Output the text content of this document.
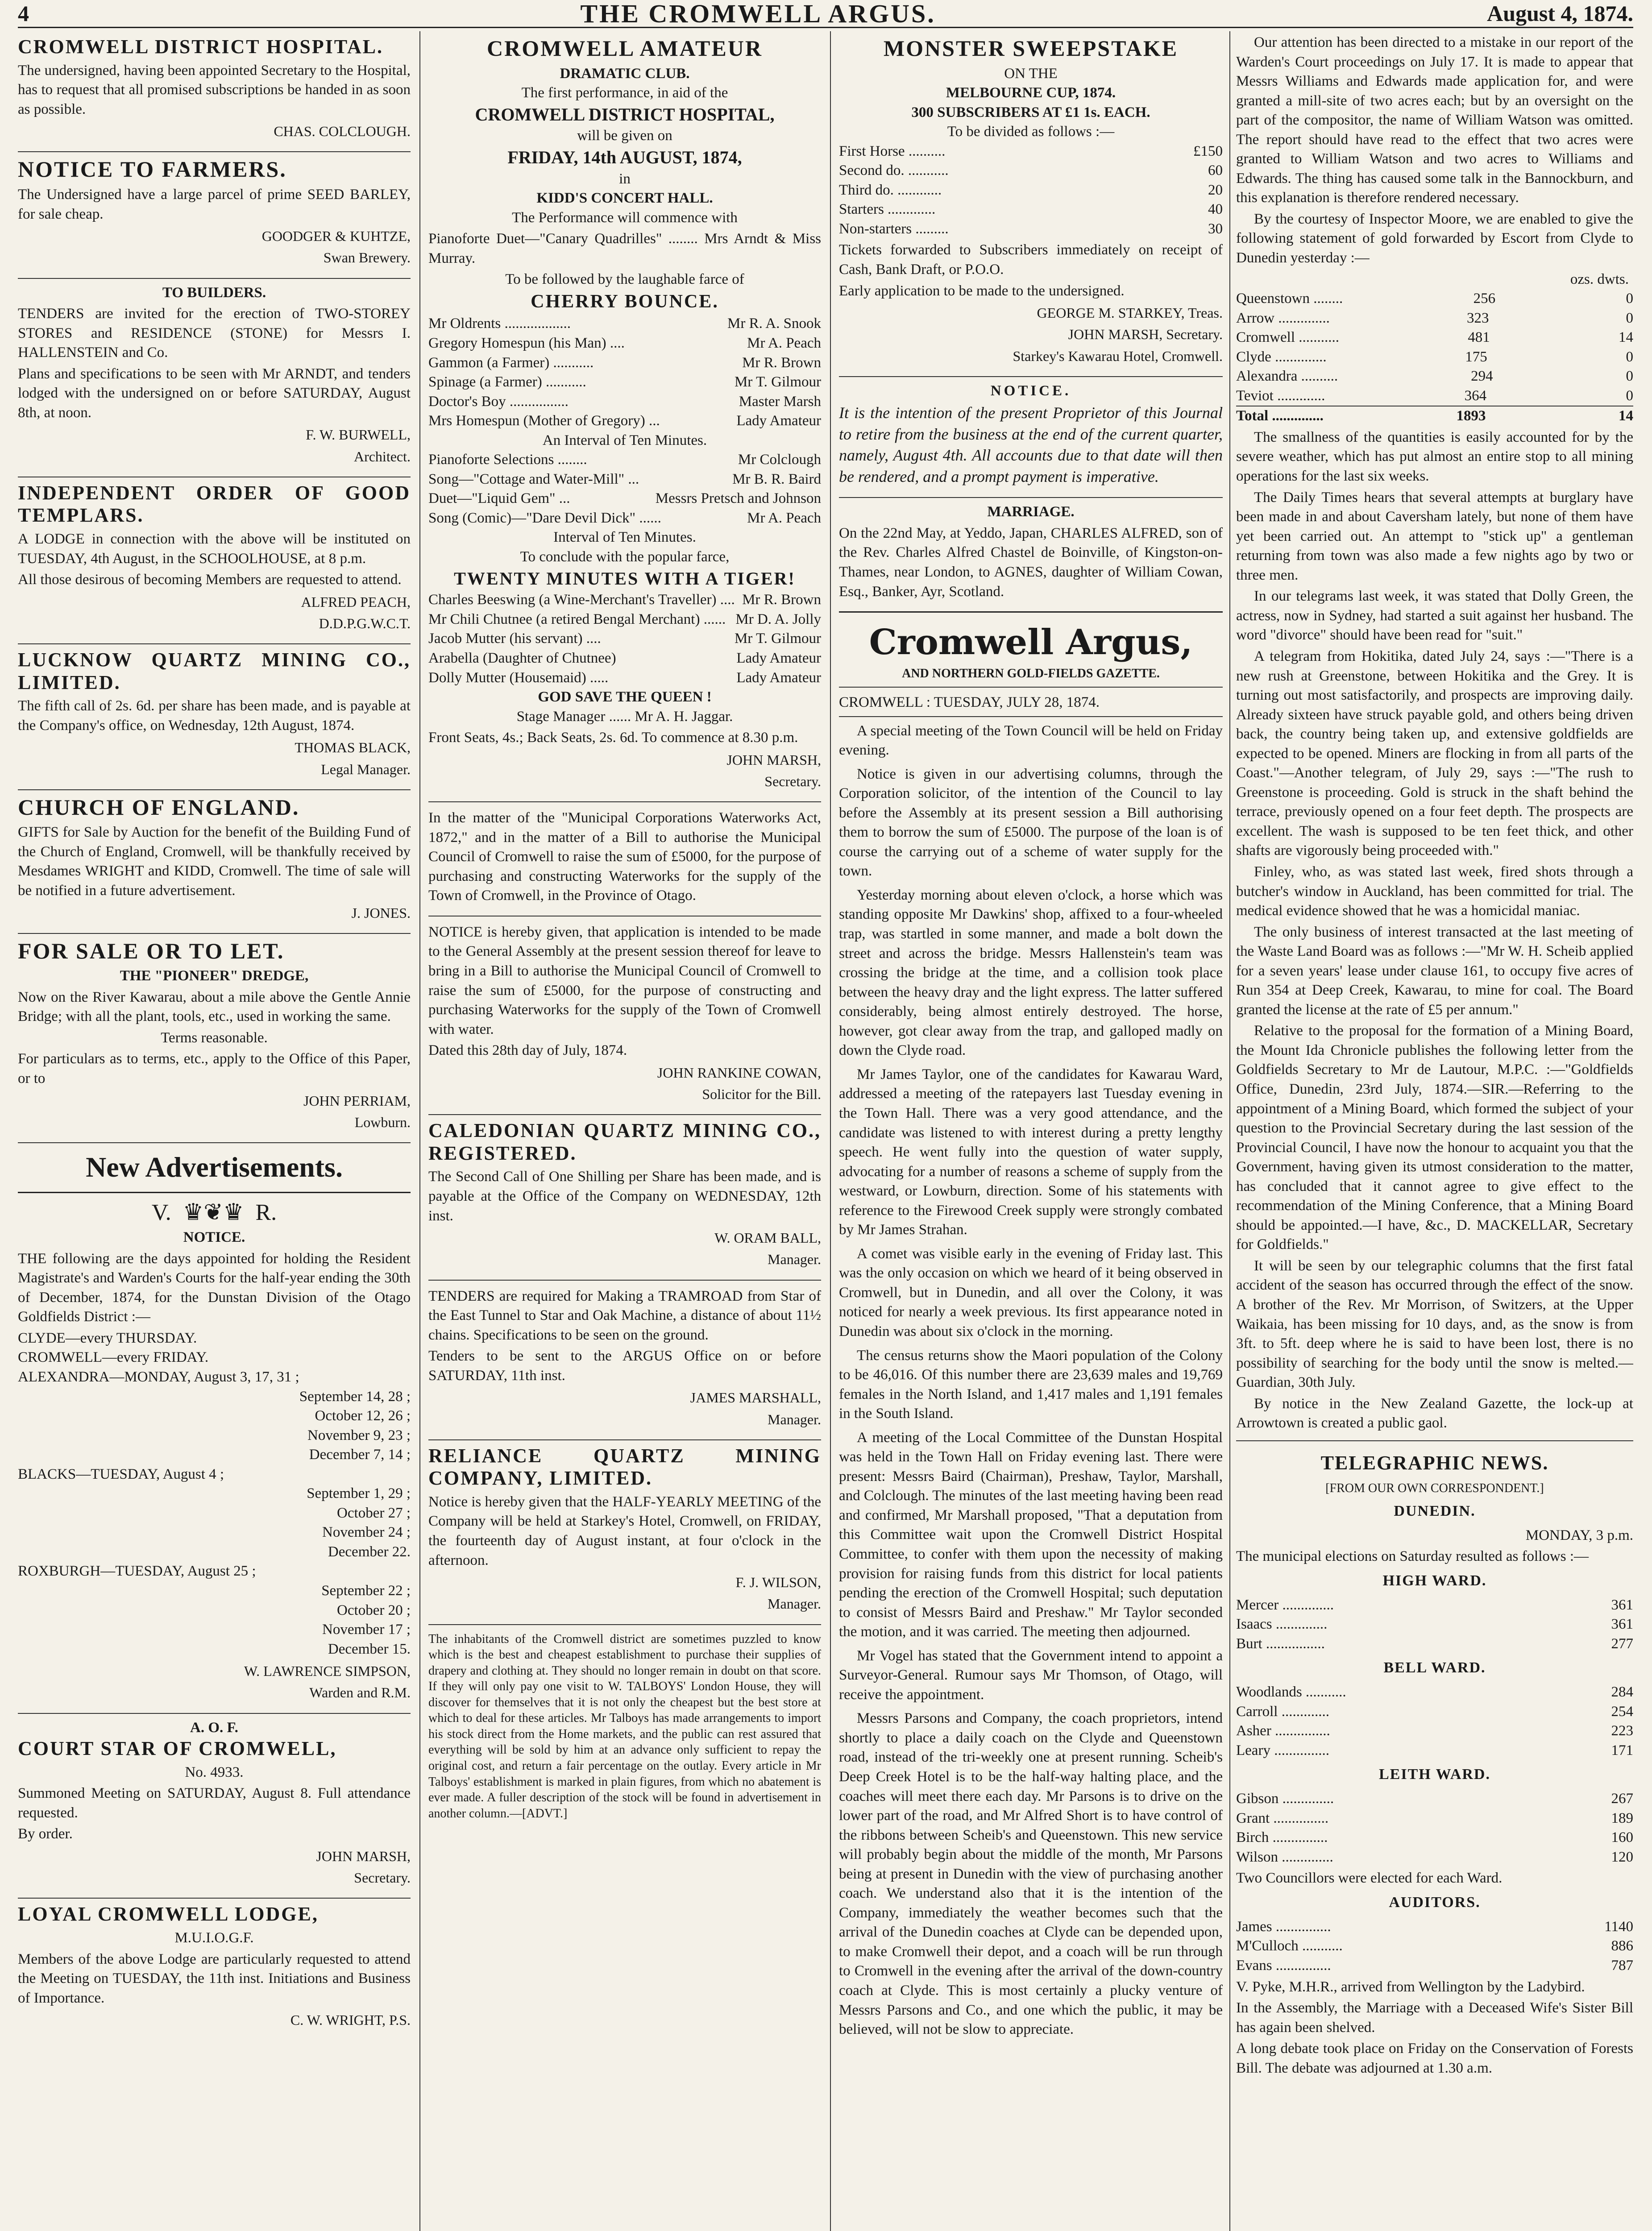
4	THE CROMWELL ARGUS.	August 4, 1874.
CROMWELL DISTRICT HOSPITAL.
The undersigned, having been appointed Secretary to the Hospital, has to request that all promised subscriptions be handed in as soon as possible.
CHAS. COLCLOUGH.
NOTICE TO FARMERS.
The Undersigned have a large parcel of prime SEED BARLEY, for sale cheap.
GOODGER & KUHTZE,
Swan Brewery.
TO BUILDERS.
TENDERS are invited for the erection of TWO-STOREY STORES and RESIDENCE (STONE) for Messrs I. HALLENSTEIN and Co.
Plans and specifications to be seen with Mr ARNDT, and tenders lodged with the undersigned on or before SATURDAY, August 8th, at noon.
F. W. BURWELL,
Architect.
INDEPENDENT ORDER OF GOOD TEMPLARS.
A LODGE in connection with the above will be instituted on TUESDAY, 4th August, in the SCHOOLHOUSE, at 8 p.m.
All those desirous of becoming Members are requested to attend.
ALFRED PEACH,
D.D.P.G.W.C.T.
LUCKNOW QUARTZ MINING CO., LIMITED.
The fifth call of 2s. 6d. per share has been made, and is payable at the Company's office, on Wednesday, 12th August, 1874.
THOMAS BLACK,
Legal Manager.
CHURCH OF ENGLAND.
GIFTS for Sale by Auction for the benefit of the Building Fund of the Church of England, Cromwell, will be thankfully received by Mesdames WRIGHT and KIDD, Cromwell. The time of sale will be notified in a future advertisement.
J. JONES.
FOR SALE OR TO LET.
THE "PIONEER" DREDGE,
Now on the River Kawarau, about a mile above the Gentle Annie Bridge; with all the plant, tools, etc., used in working the same.
Terms reasonable.
For particulars as to terms, etc., apply to the Office of this Paper, or to
JOHN PERRIAM,
Lowburn.
New Advertisements.
V.  ♛❦♛  R.
NOTICE.
THE following are the days appointed for holding the Resident Magistrate's and Warden's Courts for the half-year ending the 30th of December, 1874, for the Dunstan Division of the Otago Goldfields District :—
CLYDE—every THURSDAY.
CROMWELL—every FRIDAY.
ALEXANDRA—MONDAY, August 3, 17, 31 ;
September 14, 28 ;
October 12, 26 ;
November 9, 23 ;
December 7, 14 ;
BLACKS—TUESDAY, August 4 ;
September 1, 29 ;
October 27 ;
November 24 ;
December 22.
ROXBURGH—TUESDAY, August 25 ;
September 22 ;
October 20 ;
November 17 ;
December 15.
W. LAWRENCE SIMPSON,
Warden and R.M.
A. O. F.
COURT STAR OF CROMWELL,
No. 4933.
Summoned Meeting on SATURDAY, August 8. Full attendance requested.
By order.
JOHN MARSH,
Secretary.
LOYAL CROMWELL LODGE,
M.U.I.O.G.F.
Members of the above Lodge are particularly requested to attend the Meeting on TUESDAY, the 11th inst. Initiations and Business of Importance.
C. W. WRIGHT, P.S.
CROMWELL AMATEUR
DRAMATIC CLUB.
The first performance, in aid of the
CROMWELL DISTRICT HOSPITAL,
will be given on
FRIDAY, 14th AUGUST, 1874,
in
KIDD'S CONCERT HALL.
The Performance will commence with
Pianoforte Duet—"Canary Quadrilles" ........ Mrs Arndt & Miss Murray.
To be followed by the laughable farce of
CHERRY BOUNCE.
Mr Oldrents ..................	Mr R. A. Snook
Gregory Homespun (his Man) ....	Mr A. Peach
Gammon (a Farmer) ...........	Mr R. Brown
Spinage (a Farmer) ...........	Mr T. Gilmour
Doctor's Boy ................	Master Marsh
Mrs Homespun (Mother of Gregory) ...	Lady Amateur
An Interval of Ten Minutes.
Pianoforte Selections ........	Mr Colclough
Song—"Cottage and Water-Mill" ...	Mr B. R. Baird
Duet—"Liquid Gem" ...	Messrs Pretsch and Johnson
Song (Comic)—"Dare Devil Dick" ......	Mr A. Peach
Interval of Ten Minutes.
To conclude with the popular farce,
TWENTY MINUTES WITH A TIGER!
Charles Beeswing (a Wine-Merchant's Traveller) .... Mr R. Brown
Mr Chili Chutnee (a retired Bengal Merchant) ...... Mr D. A. Jolly
Jacob Mutter (his servant) ....	Mr T. Gilmour
Arabella (Daughter of Chutnee)	Lady Amateur
Dolly Mutter (Housemaid) .....	Lady Amateur
GOD SAVE THE QUEEN !
Stage Manager ...... Mr A. H. Jaggar.
Front Seats, 4s.; Back Seats, 2s. 6d. To commence at 8.30 p.m.
JOHN MARSH,
Secretary.
In the matter of the "Municipal Corporations Waterworks Act, 1872," and in the matter of a Bill to authorise the Municipal Council of Cromwell to raise the sum of £5000, for the purpose of purchasing and constructing Waterworks for the supply of the Town of Cromwell, in the Province of Otago.
NOTICE is hereby given, that application is intended to be made to the General Assembly at the present session thereof for leave to bring in a Bill to authorise the Municipal Council of Cromwell to raise the sum of £5000, for the purpose of constructing and purchasing Waterworks for the supply of the Town of Cromwell with water.
Dated this 28th day of July, 1874.
JOHN RANKINE COWAN,
Solicitor for the Bill.
CALEDONIAN QUARTZ MINING CO., REGISTERED.
The Second Call of One Shilling per Share has been made, and is payable at the Office of the Company on WEDNESDAY, 12th inst.
W. ORAM BALL,
Manager.
TENDERS are required for Making a TRAMROAD from Star of the East Tunnel to Star and Oak Machine, a distance of about 11½ chains. Specifications to be seen on the ground.
Tenders to be sent to the ARGUS Office on or before SATURDAY, 11th inst.
JAMES MARSHALL,
Manager.
RELIANCE QUARTZ MINING COMPANY, LIMITED.
Notice is hereby given that the HALF-YEARLY MEETING of the Company will be held at Starkey's Hotel, Cromwell, on FRIDAY, the fourteenth day of August instant, at four o'clock in the afternoon.
F. J. WILSON,
Manager.
The inhabitants of the Cromwell district are sometimes puzzled to know which is the best and cheapest establishment to purchase their supplies of drapery and clothing at. They should no longer remain in doubt on that score. If they will only pay one visit to W. TALBOYS' London House, they will discover for themselves that it is not only the cheapest but the best store at which to deal for these articles. Mr Talboys has made arrangements to import his stock direct from the Home markets, and the public can rest assured that everything will be sold by him at an advance only sufficient to repay the original cost, and return a fair percentage on the outlay. Every article in Mr Talboys' establishment is marked in plain figures, from which no abatement is ever made. A fuller description of the stock will be found in advertisement in another column.—[ADVT.]
MONSTER SWEEPSTAKE
ON THE
MELBOURNE CUP, 1874.
300 SUBSCRIBERS AT £1 1s. EACH.
To be divided as follows :—
First Horse ..........	£150
Second do. ...........	60
Third do. ............	20
Starters .............	40
Non-starters .........	30
Tickets forwarded to Subscribers immediately on receipt of Cash, Bank Draft, or P.O.O.
Early application to be made to the undersigned.
GEORGE M. STARKEY, Treas.
JOHN MARSH, Secretary.
Starkey's Kawarau Hotel, Cromwell.
NOTICE.
It is the intention of the present Proprietor of this Journal to retire from the business at the end of the current quarter, namely, August 4th. All accounts due to that date will then be rendered, and a prompt payment is imperative.
MARRIAGE.
On the 22nd May, at Yeddo, Japan, CHARLES ALFRED, son of the Rev. Charles Alfred Chastel de Boinville, of Kingston-on-Thames, near London, to AGNES, daughter of William Cowan, Esq., Banker, Ayr, Scotland.
Cromwell Argus,
AND NORTHERN GOLD-FIELDS GAZETTE.
CROMWELL : TUESDAY, JULY 28, 1874.
A special meeting of the Town Council will be held on Friday evening.
Notice is given in our advertising columns, through the Corporation solicitor, of the intention of the Council to lay before the Assembly at its present session a Bill authorising them to borrow the sum of £5000. The purpose of the loan is of course the carrying out of a scheme of water supply for the town.
Yesterday morning about eleven o'clock, a horse which was standing opposite Mr Dawkins' shop, affixed to a four-wheeled trap, was startled in some manner, and made a bolt down the street and across the bridge. Messrs Hallenstein's team was crossing the bridge at the time, and a collision took place between the heavy dray and the light express. The latter suffered considerably, being almost entirely destroyed. The horse, however, got clear away from the trap, and galloped madly on down the Clyde road.
Mr James Taylor, one of the candidates for Kawarau Ward, addressed a meeting of the ratepayers last Tuesday evening in the Town Hall. There was a very good attendance, and the candidate was listened to with interest during a pretty lengthy speech. He went fully into the question of water supply, advocating for a number of reasons a scheme of supply from the westward, or Lowburn, direction. Some of his statements with reference to the Firewood Creek supply were strongly combated by Mr James Strahan.
A comet was visible early in the evening of Friday last. This was the only occasion on which we heard of it being observed in Cromwell, but in Dunedin, and all over the Colony, it was noticed for nearly a week previous. Its first appearance noted in Dunedin was about six o'clock in the morning.
The census returns show the Maori population of the Colony to be 46,016. Of this number there are 23,639 males and 19,769 females in the North Island, and 1,417 males and 1,191 females in the South Island.
A meeting of the Local Committee of the Dunstan Hospital was held in the Town Hall on Friday evening last. There were present: Messrs Baird (Chairman), Preshaw, Taylor, Marshall, and Colclough. The minutes of the last meeting having been read and confirmed, Mr Marshall proposed, "That a deputation from this Committee wait upon the Cromwell District Hospital Committee, to confer with them upon the necessity of making provision for raising funds from this district for local patients pending the erection of the Cromwell Hospital; such deputation to consist of Messrs Baird and Preshaw." Mr Taylor seconded the motion, and it was carried. The meeting then adjourned.
Mr Vogel has stated that the Government intend to appoint a Surveyor-General. Rumour says Mr Thomson, of Otago, will receive the appointment.
Messrs Parsons and Company, the coach proprietors, intend shortly to place a daily coach on the Clyde and Queenstown road, instead of the tri-weekly one at present running. Scheib's Deep Creek Hotel is to be the half-way halting place, and the coaches will meet there each day. Mr Parsons is to drive on the lower part of the road, and Mr Alfred Short is to have control of the ribbons between Scheib's and Queenstown. This new service will probably begin about the middle of the month, Mr Parsons being at present in Dunedin with the view of purchasing another coach. We understand also that it is the intention of the Company, immediately the weather becomes such that the arrival of the Dunedin coaches at Clyde can be depended upon, to make Cromwell their depot, and a coach will be run through to Cromwell in the evening after the arrival of the down-country coach at Clyde. This is most certainly a plucky venture of Messrs Parsons and Co., and one which the public, it may be believed, will not be slow to appreciate.
Our attention has been directed to a mistake in our report of the Warden's Court proceedings on July 17. It is made to appear that Messrs Williams and Edwards made application for, and were granted a mill-site of two acres each; but by an oversight on the part of the compositor, the name of William Watson was omitted. The report should have read to the effect that two acres were granted to William Watson and two acres to Williams and Edwards. The thing has caused some talk in the Bannockburn, and this explanation is therefore rendered necessary.
By the courtesy of Inspector Moore, we are enabled to give the following statement of gold forwarded by Escort from Clyde to Dunedin yesterday :—
ozs. dwts.
Queenstown ........	256	0
Arrow ..............	323	0
Cromwell ...........	481	14
Clyde ..............	175	0
Alexandra ..........	294	0
Teviot .............	364	0
Total ..............	1893	14
The smallness of the quantities is easily accounted for by the severe weather, which has put almost an entire stop to all mining operations for the last six weeks.
The Daily Times hears that several attempts at burglary have been made in and about Caversham lately, but none of them have yet been carried out. An attempt to "stick up" a gentleman returning from town was also made a few nights ago by two or three men.
In our telegrams last week, it was stated that Dolly Green, the actress, now in Sydney, had started a suit against her husband. The word "divorce" should have been read for "suit."
A telegram from Hokitika, dated July 24, says :—"There is a new rush at Greenstone, between Hokitika and the Grey. It is turning out most satisfactorily, and prospects are improving daily. Already sixteen have struck payable gold, and others being driven back, the country being taken up, and extensive goldfields are expected to be opened. Miners are flocking in from all parts of the Coast."—Another telegram, of July 29, says :—"The rush to Greenstone is proceeding. Gold is struck in the shaft behind the terrace, previously opened on a four feet depth. The prospects are excellent. The wash is supposed to be ten feet thick, and other shafts are vigorously being proceeded with."
Finley, who, as was stated last week, fired shots through a butcher's window in Auckland, has been committed for trial. The medical evidence showed that he was a homicidal maniac.
The only business of interest transacted at the last meeting of the Waste Land Board was as follows :—"Mr W. H. Scheib applied for a seven years' lease under clause 161, to occupy five acres of Run 354 at Deep Creek, Kawarau, to mine for coal. The Board granted the license at the rate of £5 per annum."
Relative to the proposal for the formation of a Mining Board, the Mount Ida Chronicle publishes the following letter from the Goldfields Secretary to Mr de Lautour, M.P.C. :—"Goldfields Office, Dunedin, 23rd July, 1874.—SIR.—Referring to the appointment of a Mining Board, which formed the subject of your question to the Provincial Secretary during the last session of the Provincial Council, I have now the honour to acquaint you that the Government, having given its utmost consideration to the matter, has concluded that it cannot agree to give effect to the recommendation of the Mining Conference, that a Mining Board should be appointed.—I have, &c., D. MACKELLAR, Secretary for Goldfields."
It will be seen by our telegraphic columns that the first fatal accident of the season has occurred through the effect of the snow. A brother of the Rev. Mr Morrison, of Switzers, at the Upper Waikaia, has been missing for 10 days, and, as the snow is from 3ft. to 5ft. deep where he is said to have been lost, there is no possibility of searching for the body until the snow is melted.—Guardian, 30th July.
By notice in the New Zealand Gazette, the lock-up at Arrowtown is created a public gaol.
TELEGRAPHIC NEWS.
[FROM OUR OWN CORRESPONDENT.]
DUNEDIN.
MONDAY, 3 p.m.
The municipal elections on Saturday resulted as follows :—
HIGH WARD.
Mercer ..............	361
Isaacs ..............	361
Burt ................	277
BELL WARD.
Woodlands ...........	284
Carroll .............	254
Asher ...............	223
Leary ...............	171
LEITH WARD.
Gibson ..............	267
Grant ...............	189
Birch ...............	160
Wilson ..............	120
Two Councillors were elected for each Ward.
AUDITORS.
James ...............	1140
M'Culloch ...........	886
Evans ...............	787
V. Pyke, M.H.R., arrived from Wellington by the Ladybird.
In the Assembly, the Marriage with a Deceased Wife's Sister Bill has again been shelved.
A long debate took place on Friday on the Conservation of Forests Bill. The debate was adjourned at 1.30 a.m.
